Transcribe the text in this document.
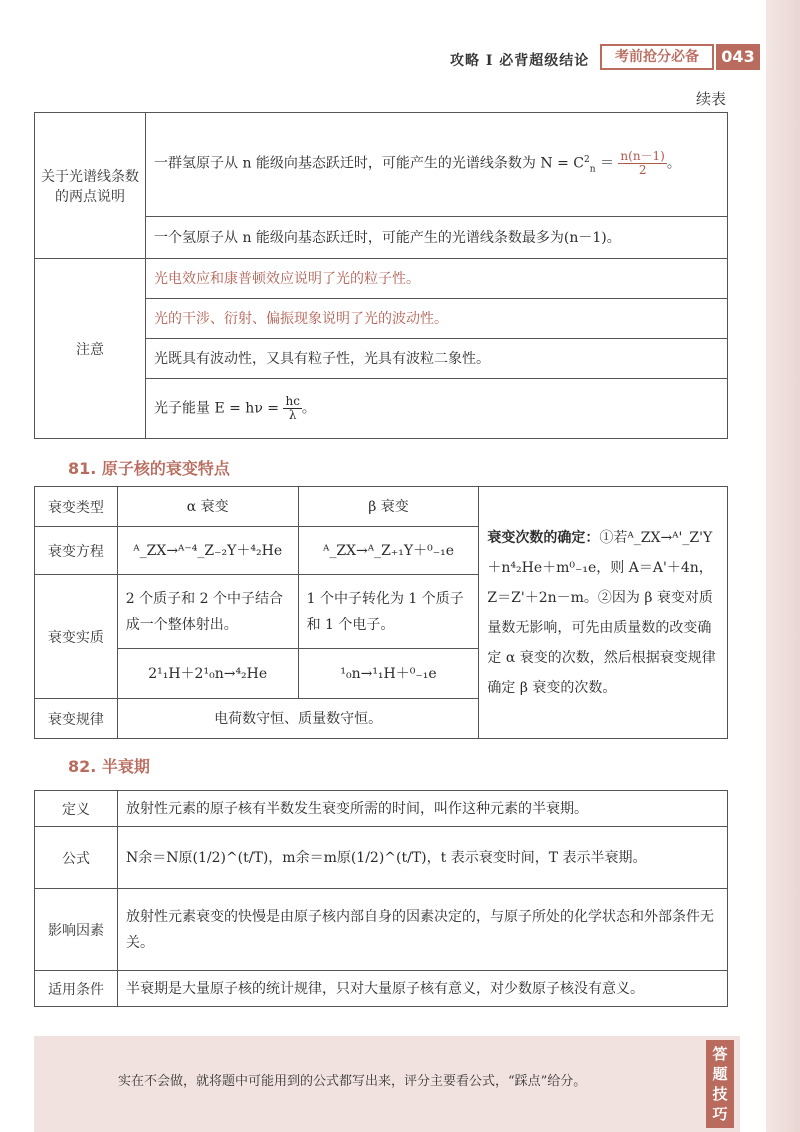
攻略 Ⅰ 必背超级结论	考前抢分必备	043
续表
关于光谱线条数的两点说明	一群氢原子从 n 能级向基态跃迁时，可能产生的光谱线条数为 $N = C^2_n = \frac{n(n-1)}{2}$ 。
	一个氢原子从 n 能级向基态跃迁时，可能产生的光谱线条数最多为(n－1)。
注意	光电效应和康普顿效应说明了光的粒子性。
	光的干涉、衍射、偏振现象说明了光的波动性。
	光既具有波动性，又具有粒子性，光具有波粒二象性。
	光子能量 $E = h\nu = \frac{hc}{\lambda}$ 。
81. 原子核的衰变特点
衰变类型	α 衰变	β 衰变	衰变次数的确定：①若ᴬ_ZX→ᴬ'_Z'Y＋n⁴₂He＋m⁰₋₁e，则 A＝A'＋4n，Z＝Z'＋2n－m。②因为 β 衰变对质量数无影响，可先由质量数的改变确定 α 衰变的次数，然后根据衰变规律确定 β 衰变的次数。
衰变方程	ᴬ_ZX→ᴬ⁻⁴_Z₋₂Y＋⁴₂He	ᴬ_ZX→ᴬ_Z₊₁Y＋⁰₋₁e	
衰变实质	2 个质子和 2 个中子结合成一个整体射出。	1 个中子转化为 1 个质子和 1 个电子。	
	2¹₁H＋2¹₀n→⁴₂He	¹₀n→¹₁H＋⁰₋₁e	
衰变规律	电荷数守恒、质量数守恒。		
82. 半衰期
定义	放射性元素的原子核有半数发生衰变所需的时间，叫作这种元素的半衰期。
公式	N余＝N原(1/2)^(t/T)，m余＝m原(1/2)^(t/T)，t 表示衰变时间，T 表示半衰期。
影响因素	放射性元素衰变的快慢是由原子核内部自身的因素决定的，与原子所处的化学状态和外部条件无关。
适用条件	半衰期是大量原子核的统计规律，只对大量原子核有意义，对少数原子核没有意义。
实在不会做，就将题中可能用到的公式都写出来，评分主要看公式，“踩点”给分。
答题技巧
